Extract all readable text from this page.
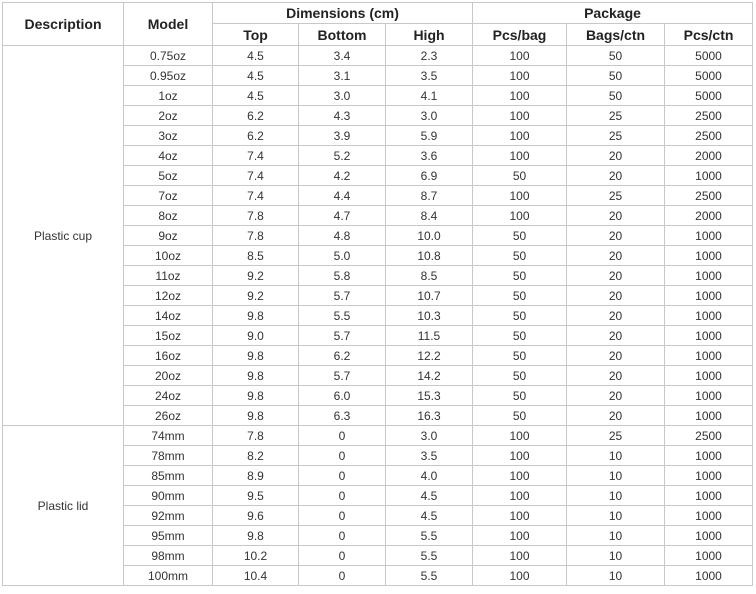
Description	Model	Dimensions (cm)			Package		
		Top	Bottom	High	Pcs/bag	Bags/ctn	Pcs/ctn
Plastic cup	0.75oz	4.5	3.4	2.3	100	50	5000
	0.95oz	4.5	3.1	3.5	100	50	5000
	1oz	4.5	3.0	4.1	100	50	5000
	2oz	6.2	4.3	3.0	100	25	2500
	3oz	6.2	3.9	5.9	100	25	2500
	4oz	7.4	5.2	3.6	100	20	2000
	5oz	7.4	4.2	6.9	50	20	1000
	7oz	7.4	4.4	8.7	100	25	2500
	8oz	7.8	4.7	8.4	100	20	2000
	9oz	7.8	4.8	10.0	50	20	1000
	10oz	8.5	5.0	10.8	50	20	1000
	11oz	9.2	5.8	8.5	50	20	1000
	12oz	9.2	5.7	10.7	50	20	1000
	14oz	9.8	5.5	10.3	50	20	1000
	15oz	9.0	5.7	11.5	50	20	1000
	16oz	9.8	6.2	12.2	50	20	1000
	20oz	9.8	5.7	14.2	50	20	1000
	24oz	9.8	6.0	15.3	50	20	1000
	26oz	9.8	6.3	16.3	50	20	1000
Plastic lid	74mm	7.8	0	3.0	100	25	2500
	78mm	8.2	0	3.5	100	10	1000
	85mm	8.9	0	4.0	100	10	1000
	90mm	9.5	0	4.5	100	10	1000
	92mm	9.6	0	4.5	100	10	1000
	95mm	9.8	0	5.5	100	10	1000
	98mm	10.2	0	5.5	100	10	1000
	100mm	10.4	0	5.5	100	10	1000
